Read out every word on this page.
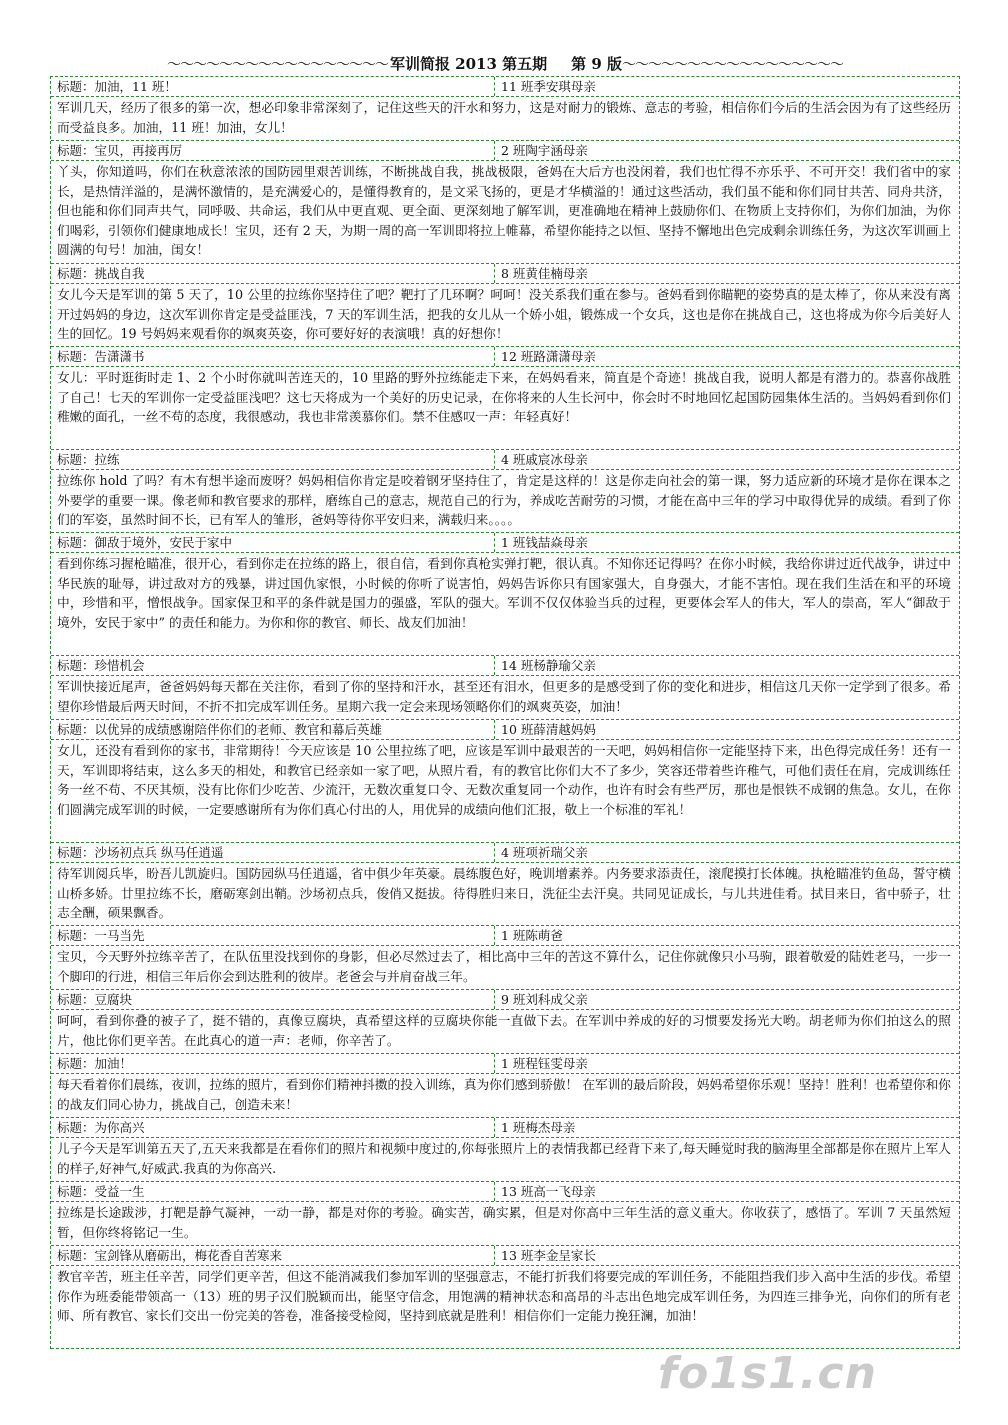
～～～～～～～～～～～～～～～～～ 军训简报 2013 第五期 第 9 版～～～～～～～～～～～～～～～～～
标题：加油，11 班！	11 班季安琪母亲
军训几天，经历了很多的第一次，想必印象非常深刻了，记住这些天的汗水和努力，这是对耐力的锻炼、意志的考验，相信你们今后的生活会因为有了这些经历而受益良多。加油，11 班！加油，女儿！
标题：宝贝，再接再厉	2 班陶宇涵母亲
丫头，你知道吗，你们在秋意浓浓的国防园里艰苦训练，不断挑战自我，挑战极限，爸妈在大后方也没闲着，我们也忙得不亦乐乎、不可开交！我们省中的家长，是热情洋溢的，是满怀激情的，是充满爱心的，是懂得教育的，是文采飞扬的，更是才华横溢的！通过这些活动，我们虽不能和你们同甘共苦、同舟共济，但也能和你们同声共气，同呼吸、共命运，我们从中更直观、更全面、更深刻地了解军训，更准确地在精神上鼓励你们、在物质上支持你们，为你们加油，为你们喝彩，引领你们健康地成长！宝贝，还有 2 天，为期一周的高一军训即将拉上帷幕，希望你能持之以恒、坚持不懈地出色完成剩余训练任务，为这次军训画上圆满的句号！加油，闺女！
标题：挑战自我	8 班黄佳楠母亲
女儿今天是军训的第 5 天了，10 公里的拉练你坚持住了吧？靶打了几环啊？呵呵！没关系我们重在参与。爸妈看到你瞄靶的姿势真的是太棒了，你从来没有离开过妈妈的身边，这次军训你肯定是受益匪浅，7 天的军训生活，把我的女儿从一个娇小姐，锻炼成一个女兵，这也是你在挑战自己，这也将成为你今后美好人生的回忆。19 号妈妈来观看你的飒爽英姿，你可要好好的表演哦！真的好想你！
标题：告潇潇书	12 班路潇潇母亲
女儿：平时逛街时走 1、2 个小时你就叫苦连天的，10 里路的野外拉练能走下来，在妈妈看来，简直是个奇迹！挑战自我，说明人都是有潜力的。恭喜你战胜了自己！七天的军训你一定受益匪浅吧？这七天将成为一个美好的历史记录，在你将来的人生长河中，你会时不时地回忆起国防园集体生活的。当妈妈看到你们稚嫩的面孔，一丝不苟的态度，我很感动，我也非常羡慕你们。禁不住感叹一声：年轻真好！
标题：拉练	4 班戚宸冰母亲
拉练你 hold 了吗？有木有想半途而废呀？妈妈相信你肯定是咬着钢牙坚持住了，肯定是这样的！这是你走向社会的第一课，努力适应新的环境才是你在课本之外要学的重要一课。像老师和教官要求的那样，磨练自己的意志，规范自己的行为，养成吃苦耐劳的习惯，才能在高中三年的学习中取得优异的成绩。看到了你们的军姿，虽然时间不长，已有军人的雏形，爸妈等待你平安归来，满载归来。。。。
标题：御敌于境外，安民于家中	1 班钱喆焱母亲
看到你练习握枪瞄准，很开心，看到你走在拉练的路上，很自信，看到你真枪实弹打靶，很认真。不知你还记得吗？在你小时候，我给你讲过近代战争，讲过中华民族的耻辱，讲过敌对方的残暴，讲过国仇家恨，小时候的你听了说害怕，妈妈告诉你只有国家强大，自身强大，才能不害怕。现在我们生活在和平的环境中，珍惜和平，憎恨战争。国家保卫和平的条件就是国力的强盛，军队的强大。军训不仅仅体验当兵的过程，更要体会军人的伟大，军人的崇高，军人“御敌于境外，安民于家中” 的责任和能力。为你和你的教官、师长、战友们加油！
标题：珍惜机会	14 班杨静瑜父亲
军训快接近尾声，爸爸妈妈每天都在关注你，看到了你的坚持和汗水，甚至还有泪水，但更多的是感受到了你的变化和进步，相信这几天你一定学到了很多。希望你珍惜最后两天时间，不折不扣完成军训任务。星期六我一定会来现场领略你们的飒爽英姿，加油！
标题：以优异的成绩感谢陪伴你们的老师、教官和幕后英雄	10 班薛清越妈妈
女儿，还没有看到你的家书，非常期待！今天应该是 10 公里拉练了吧，应该是军训中最艰苦的一天吧，妈妈相信你一定能坚持下来，出色得完成任务！还有一天，军训即将结束，这么多天的相处，和教官已经亲如一家了吧，从照片看，有的教官比你们大不了多少，笑容还带着些许稚气，可他们责任在肩，完成训练任务一丝不苟、不厌其烦，没有比你们少吃苦、少流汗，无数次重复口令、无数次重复同一个动作，也许有时会有些严厉，那也是恨铁不成钢的焦急。女儿，在你们圆满完成军训的时候，一定要感谢所有为你们真心付出的人，用优异的成绩向他们汇报，敬上一个标准的军礼！
标题：沙场初点兵 纵马任逍遥	4 班项祈瑞父亲
待军训阅兵毕，盼吾儿凯旋归。国防园纵马任逍遥，省中俱少年英豪。晨练腹色好，晚训增素养。内务要求添责任，滚爬摸打长体魄。执枪瞄准钓鱼岛，誓守横山桥多娇。廿里拉练不长，磨砺寒剑出鞘。沙场初点兵，俊俏又挺拔。待得胜归来日，洗征尘去汗臭。共同见证成长，与儿共进佳肴。拭目来日，省中骄子，壮志全酬，硕果飘香。
标题：一马当先	1 班陈萌爸
宝贝，今天野外拉练辛苦了，在队伍里没找到你的身影，但必尽然过去了，相比高中三年的苦这不算什么，记住你就像只小马驹，跟着敬爱的陆姓老马，一步一个脚印的行进，相信三年后你会到达胜利的彼岸。老爸会与并肩奋战三年。
标题：豆腐块	9 班刘科成父亲
呵呵，看到你叠的被子了，挺不错的，真像豆腐块，真希望这样的豆腐块你能一直做下去。在军训中养成的好的习惯要发扬光大哟。胡老师为你们拍这么的照片，他比你们更辛苦。在此真心的道一声：老师，你辛苦了。
标题：加油！	1 班程钰雯母亲
每天看着你们晨练，夜训，拉练的照片，看到你们精神抖擞的投入训练，真为你们感到骄傲！ 在军训的最后阶段，妈妈希望你乐观！坚持！胜利！也希望你和你的战友们同心协力，挑战自己，创造未来！
标题：为你高兴	1 班梅杰母亲
儿子今天是军训第五天了,五天来我都是在看你们的照片和视频中度过的,你每张照片上的表情我都已经背下来了,每天睡觉时我的脑海里全部都是你在照片上军人的样子,好神气,好威武.我真的为你高兴.
标题：受益一生	13 班高一飞母亲
拉练是长途跋涉，打靶是静气凝神，一动一静，都是对你的考验。确实苦，确实累，但是对你高中三年生活的意义重大。你收获了，感悟了。军训 7 天虽然短暂，但你终将铭记一生。
标题：宝剑锋从磨砺出，梅花香自苦寒来	13 班李金呈家长
教官辛苦，班主任辛苦，同学们更辛苦，但这不能消减我们参加军训的坚强意志，不能打折我们将要完成的军训任务，不能阻挡我们步入高中生活的步伐。希望你作为班委能带领高一（13）班的男子汉们脱颖而出，能坚守信念，用饱满的精神状态和高昂的斗志出色地完成军训任务，为四连三排争光，向你们的所有老师、所有教官、家长们交出一份完美的答卷，准备接受检阅，坚持到底就是胜利！相信你们一定能力挽狂澜，加油！
fo1s1.cn
